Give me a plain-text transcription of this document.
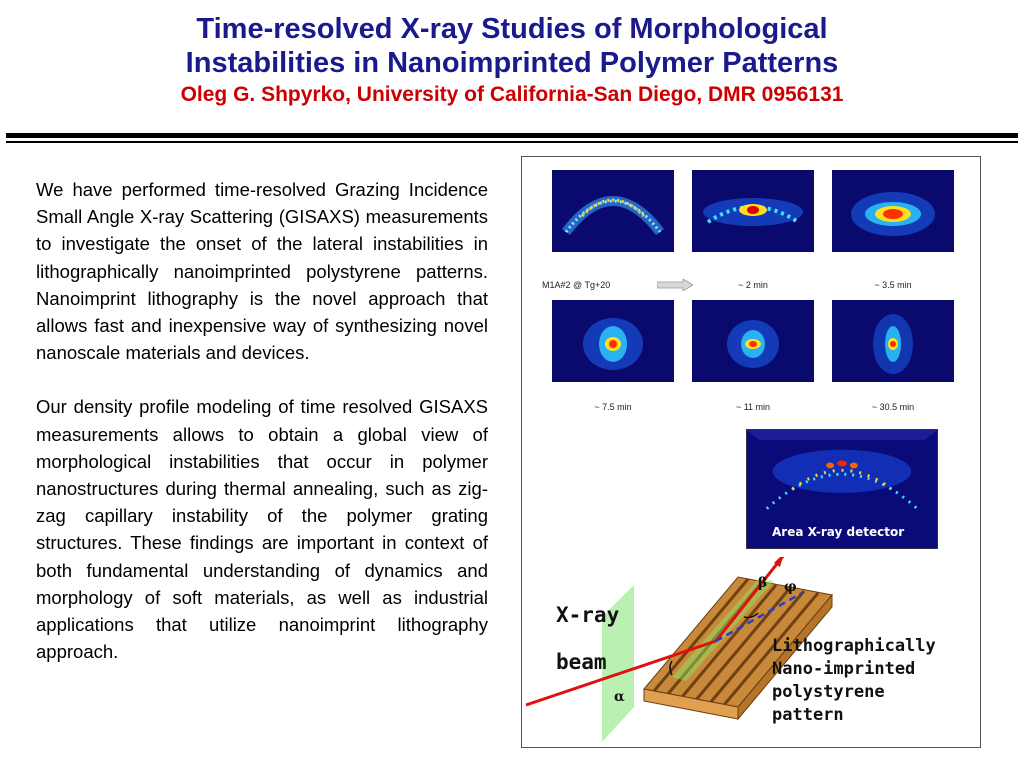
Time-resolved X-ray Studies of Morphological
Instabilities in Nanoimprinted Polymer Patterns
Oleg G. Shpyrko, University of California-San Diego, DMR 0956131

We have performed time-resolved Grazing Incidence Small Angle X-ray Scattering (GISAXS) measurements to investigate the onset of the lateral instabilities in lithographically nanoimprinted polystyrene patterns. Nanoimprint lithography is the novel approach that allows fast and inexpensive way of synthesizing novel nanoscale materials and devices.

Our density profile modeling of time resolved GISAXS measurements allows to obtain a global view of morphological instabilities that occur in polymer nanostructures during thermal annealing, such as zig-zag capillary instability of the polymer grating structures. These findings are important in context of both fundamental understanding of dynamics and morphology of soft materials, as well as industrial applications that utilize nanoimprint lithography approach.

M1A#2 @ Tg+20	~ 2 min	~ 3.5 min
~ 7.5 min	~ 11 min	~ 30.5 min
Area X-ray detector
X-ray
beam
α
β φ
Lithographically
Nano-imprinted
polystyrene
pattern
